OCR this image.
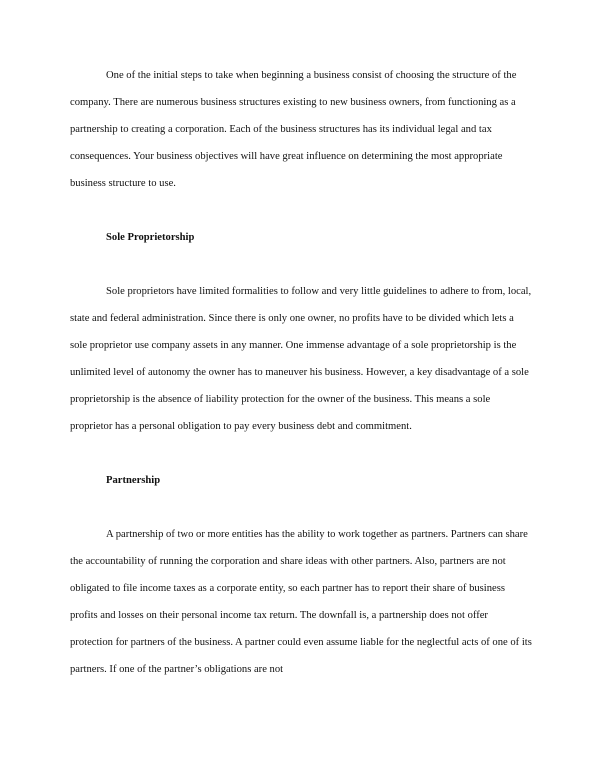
One of the initial steps to take when beginning a business consist of choosing the structure of the company. There are numerous business structures existing to new business owners, from functioning as a partnership to creating a corporation. Each of the business structures has its individual legal and tax consequences. Your business objectives will have great influence on determining the most appropriate business structure to use.

Sole Proprietorship

Sole proprietors have limited formalities to follow and very little guidelines to adhere to from, local, state and federal administration. Since there is only one owner, no profits have to be divided which lets a sole proprietor use company assets in any manner. One immense advantage of a sole proprietorship is the unlimited level of autonomy the owner has to maneuver his business. However, a key disadvantage of a sole proprietorship is the absence of liability protection for the owner of the business. This means a sole proprietor has a personal obligation to pay every business debt and commitment.

Partnership

A partnership of two or more entities has the ability to work together as partners. Partners can share the accountability of running the corporation and share ideas with other partners. Also, partners are not obligated to file income taxes as a corporate entity, so each partner has to report their share of business profits and losses on their personal income tax return. The downfall is, a partnership does not offer protection for partners of the business. A partner could even assume liable for the neglectful acts of one of its partners. If one of the partner’s obligations are not
